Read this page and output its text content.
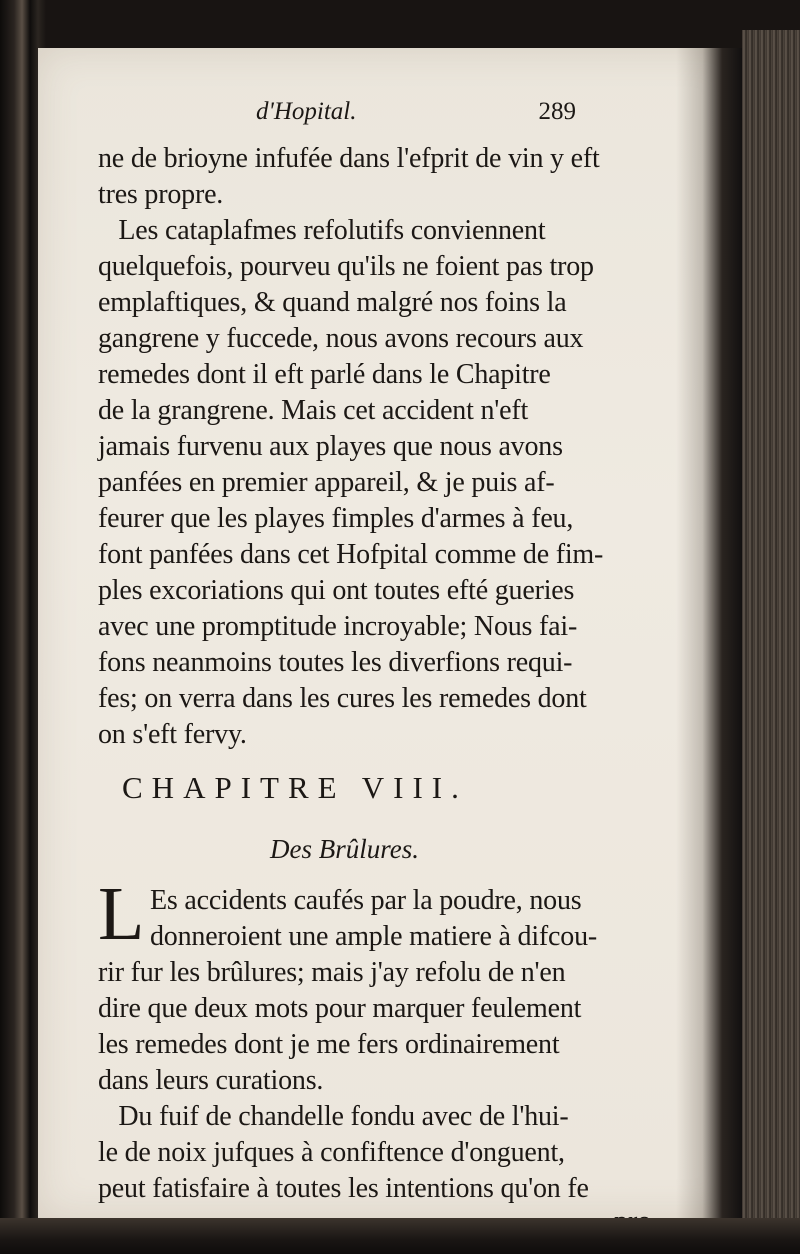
d'Hopital.	289
ne de brioyne infufée dans l'efprit de vin y eft
tres propre.
Les cataplafmes refolutifs conviennent
quelquefois, pourveu qu'ils ne foient pas trop
emplaftiques, & quand malgré nos foins la
gangrene y fuccede, nous avons recours aux
remedes dont il eft parlé dans le Chapitre
de la grangrene. Mais cet accident n'eft
jamais furvenu aux playes que nous avons
panfées en premier appareil, & je puis af-
feurer que les playes fimples d'armes à feu,
font panfées dans cet Hofpital comme de fim-
ples excoriations qui ont toutes efté gueries
avec une promptitude incroyable; Nous fai-
fons neanmoins toutes les diverfions requi-
fes; on verra dans les cures les remedes dont
on s'eft fervy.
CHAPITRE VIII.
Des Brûlures.
L Es accidents caufés par la poudre, nous
donneroient une ample matiere à difcou-
rir fur les brûlures; mais j'ay refolu de n'en
dire que deux mots pour marquer feulement
les remedes dont je me fers ordinairement
dans leurs curations.
Du fuif de chandelle fondu avec de l'hui-
le de noix jufques à confiftence d'onguent,
peut fatisfaire à toutes les intentions qu'on fe
